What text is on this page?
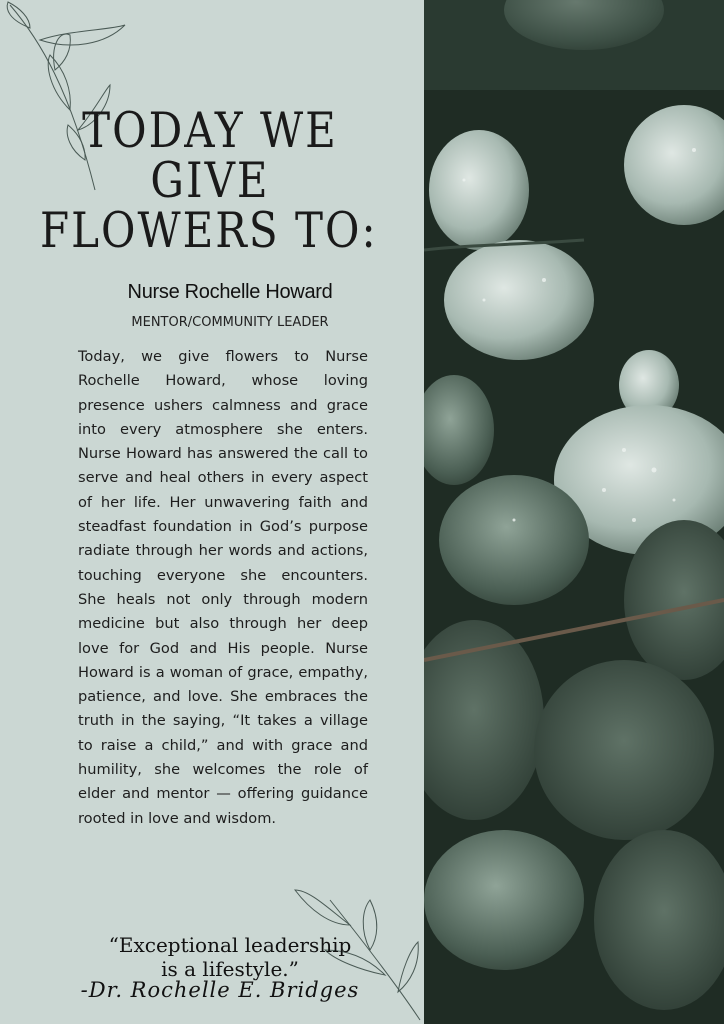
TODAY WE
GIVE
FLOWERS TO:
Nurse Rochelle Howard
MENTOR/COMMUNITY LEADER
Today, we give flowers to Nurse Rochelle Howard, whose loving presence ushers calmness and grace into every atmosphere she enters. Nurse Howard has answered the call to serve and heal others in every aspect of her life. Her unwavering faith and steadfast foundation in God’s purpose radiate through her words and actions, touching everyone she encounters. She heals not only through modern medicine but also through her deep love for God and His people. Nurse Howard is a woman of grace, empathy, patience, and love. She embraces the truth in the saying, “It takes a village to raise a child,” and with grace and humility, she welcomes the role of elder and mentor — offering guidance rooted in love and wisdom.
“Exceptional leadership
is a lifestyle.”
-Dr. Rochelle E. Bridges
